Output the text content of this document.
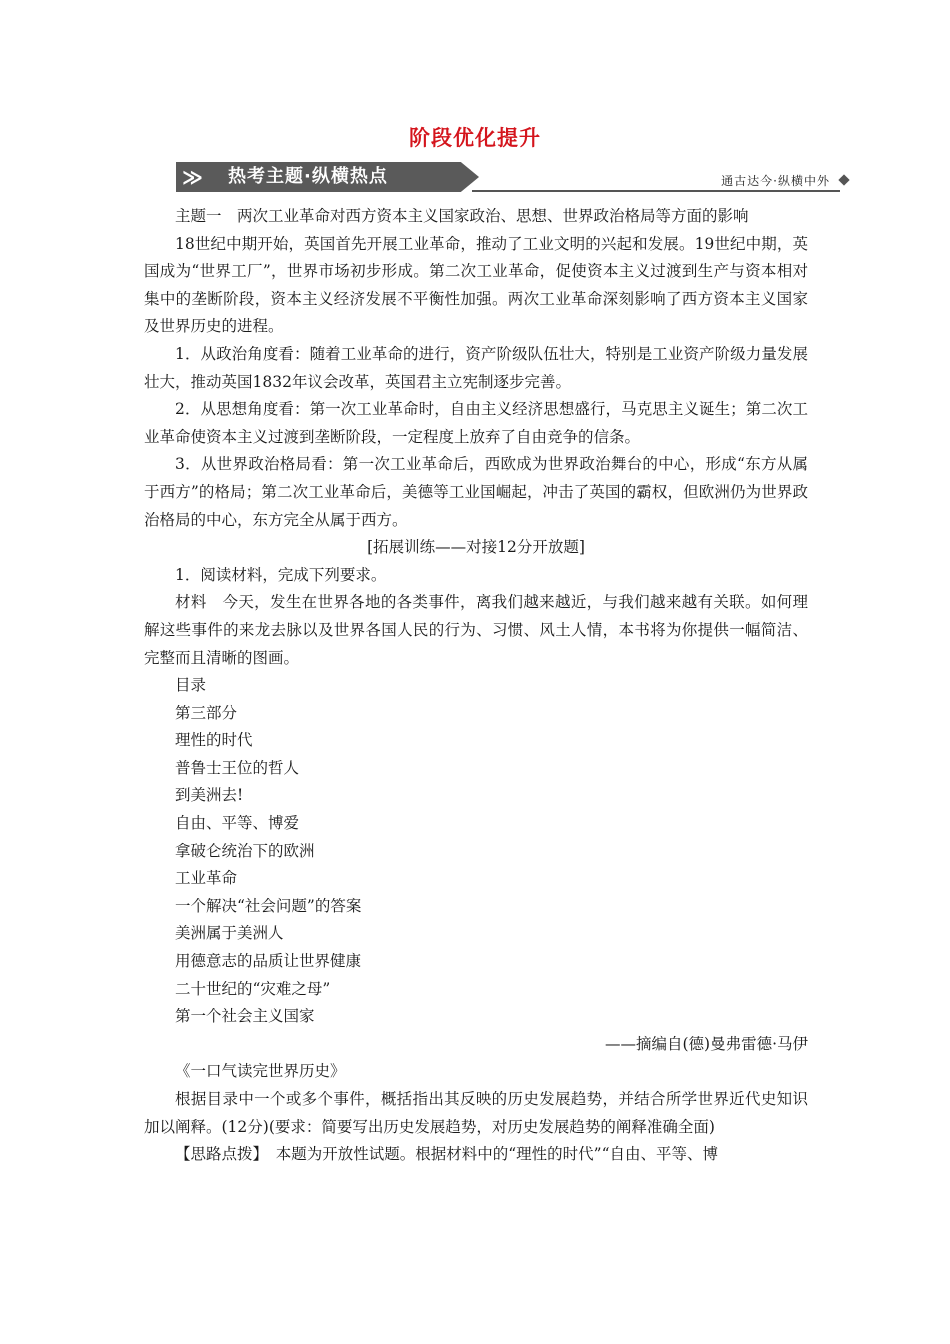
阶段优化提升
≫ 热考主题·纵横热点	通古达今·纵横中外

主题一　两次工业革命对西方资本主义国家政治、思想、世界政治格局等方面的影响

18世纪中期开始，英国首先开展工业革命，推动了工业文明的兴起和发展。19世纪中期，英国成为“世界工厂”，世界市场初步形成。第二次工业革命，促使资本主义过渡到生产与资本相对集中的垄断阶段，资本主义经济发展不平衡性加强。两次工业革命深刻影响了西方资本主义国家及世界历史的进程。

1．从政治角度看：随着工业革命的进行，资产阶级队伍壮大，特别是工业资产阶级力量发展壮大，推动英国1832年议会改革，英国君主立宪制逐步完善。

2．从思想角度看：第一次工业革命时，自由主义经济思想盛行，马克思主义诞生；第二次工业革命使资本主义过渡到垄断阶段，一定程度上放弃了自由竞争的信条。

3．从世界政治格局看：第一次工业革命后，西欧成为世界政治舞台的中心，形成“东方从属于西方”的格局；第二次工业革命后，美德等工业国崛起，冲击了英国的霸权，但欧洲仍为世界政治格局的中心，东方完全从属于西方。

[拓展训练——对接12分开放题]

1．阅读材料，完成下列要求。

材料　今天，发生在世界各地的各类事件，离我们越来越近，与我们越来越有关联。如何理解这些事件的来龙去脉以及世界各国人民的行为、习惯、风土人情，本书将为你提供一幅简洁、完整而且清晰的图画。

目录

第三部分

理性的时代

普鲁士王位的哲人

到美洲去!

自由、平等、博爱

拿破仑统治下的欧洲

工业革命

一个解决“社会问题”的答案

美洲属于美洲人

用德意志的品质让世界健康

二十世纪的“灾难之母”

第一个社会主义国家

——摘编自(德)曼弗雷德·马伊

《一口气读完世界历史》

根据目录中一个或多个事件，概括指出其反映的历史发展趋势，并结合所学世界近代史知识加以阐释。(12分)(要求：简要写出历史发展趋势，对历史发展趋势的阐释准确全面)

【思路点拨】　本题为开放性试题。根据材料中的“理性的时代”“自由、平等、博
